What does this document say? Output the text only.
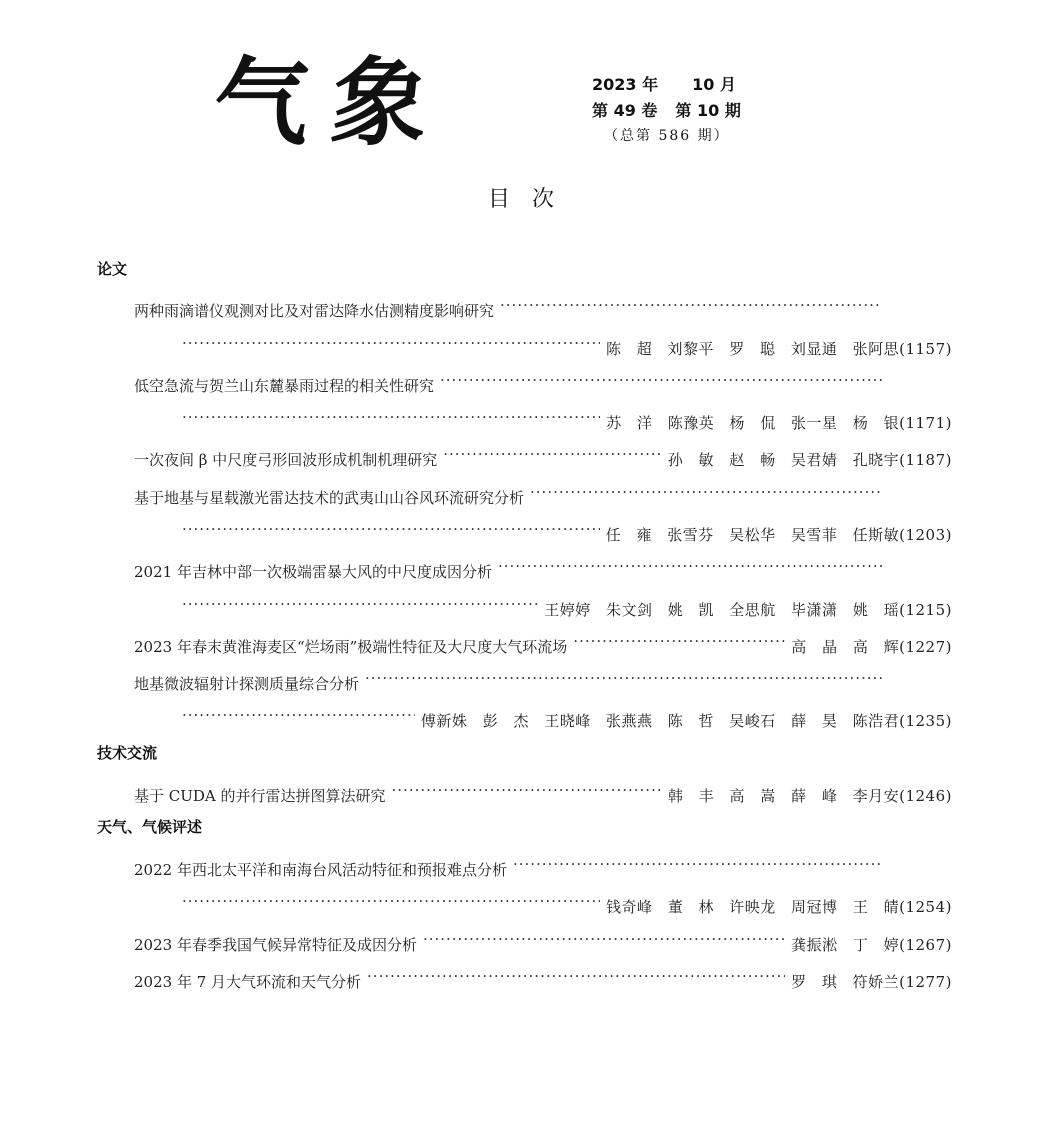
气象	2023 年 10 月
第 49 卷 第 10 期
（总第 586 期）
目次
论文
两种雨滴谱仪观测对比及对雷达降水估测精度影响研究
·····
·····
陈 超 刘黎平 罗 聪 刘显通 张阿思 (1157)
低空急流与贺兰山东麓暴雨过程的相关性研究
·····
·····
苏 洋 陈豫英 杨 侃 张一星 杨 银 (1171)
一次夜间 β 中尺度弓形回波形成机制机理研究 ·····	孙 敏 赵 畅 吴君婧 孔晓宇 (1187)
基于地基与星载激光雷达技术的武夷山山谷风环流研究分析
·····
·····
任 雍 张雪芬 吴松华 吴雪菲 任斯敏 (1203)
2021 年吉林中部一次极端雷暴大风的中尺度成因分析
·····
·····
王婷婷 朱文剑 姚 凯 全思航 毕潇潇 姚 瑶 (1215)
2023 年春末黄淮海麦区“烂场雨”极端性特征及大尺度大气环流场 ·····	高 晶 高 辉 (1227)
地基微波辐射计探测质量综合分析
·····
·····
傅新姝 彭 杰 王晓峰 张燕燕 陈 哲 吴峻石 薛 昊 陈浩君 (1235)
技术交流
基于 CUDA 的并行雷达拼图算法研究 ·····	韩 丰 高 嵩 薛 峰 李月安 (1246)
天气、气候评述
2022 年西北太平洋和南海台风活动特征和预报难点分析
·····
·····
钱奇峰 董 林 许映龙 周冠博 王 皘 (1254)
2023 年春季我国气候异常特征及成因分析 ·····	龚振淞 丁 婷 (1267)
2023 年 7 月大气环流和天气分析 ·····	罗 琪 符娇兰 (1277)
